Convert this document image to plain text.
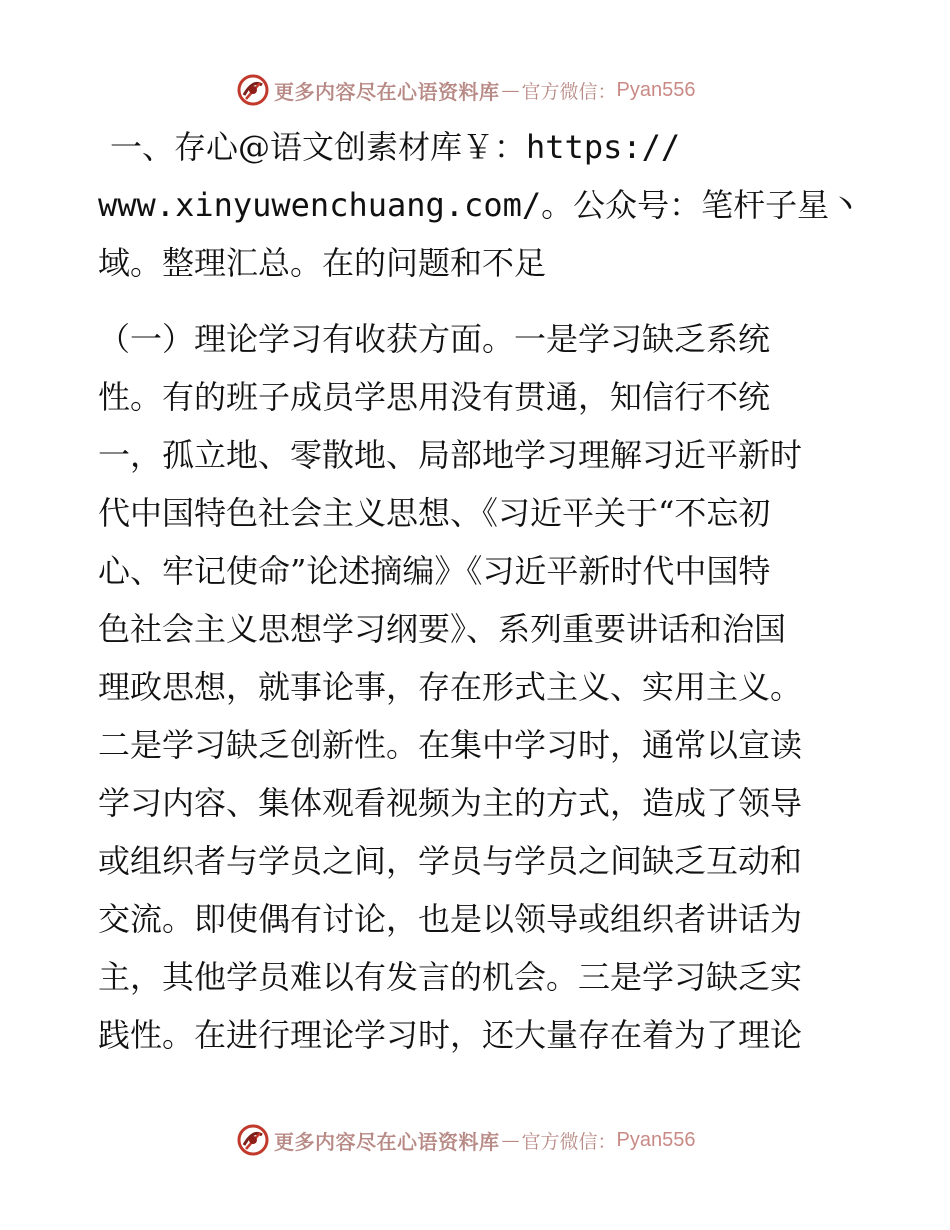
更多内容尽在心语资料库 — 官方微信： Pyan556
一、存心@语文创素材库￥：https://
www.xinyuwenchuang.com/。公众号：笔杆子星丶
域。整理汇总。在的问题和不足
（一）理论学习有收获方面。一是学习缺乏系统
性。有的班子成员学思用没有贯通，知信行不统
一，孤立地、零散地、局部地学习理解习近平新时
代中国特色社会主义思想、《习近平关于“不忘初
心、牢记使命”论述摘编》《习近平新时代中国特
色社会主义思想学习纲要》、系列重要讲话和治国
理政思想，就事论事，存在形式主义、实用主义。
二是学习缺乏创新性。在集中学习时，通常以宣读
学习内容、集体观看视频为主的方式，造成了领导
或组织者与学员之间，学员与学员之间缺乏互动和
交流。即使偶有讨论，也是以领导或组织者讲话为
主，其他学员难以有发言的机会。三是学习缺乏实
践性。在进行理论学习时，还大量存在着为了理论
更多内容尽在心语资料库 — 官方微信： Pyan556
